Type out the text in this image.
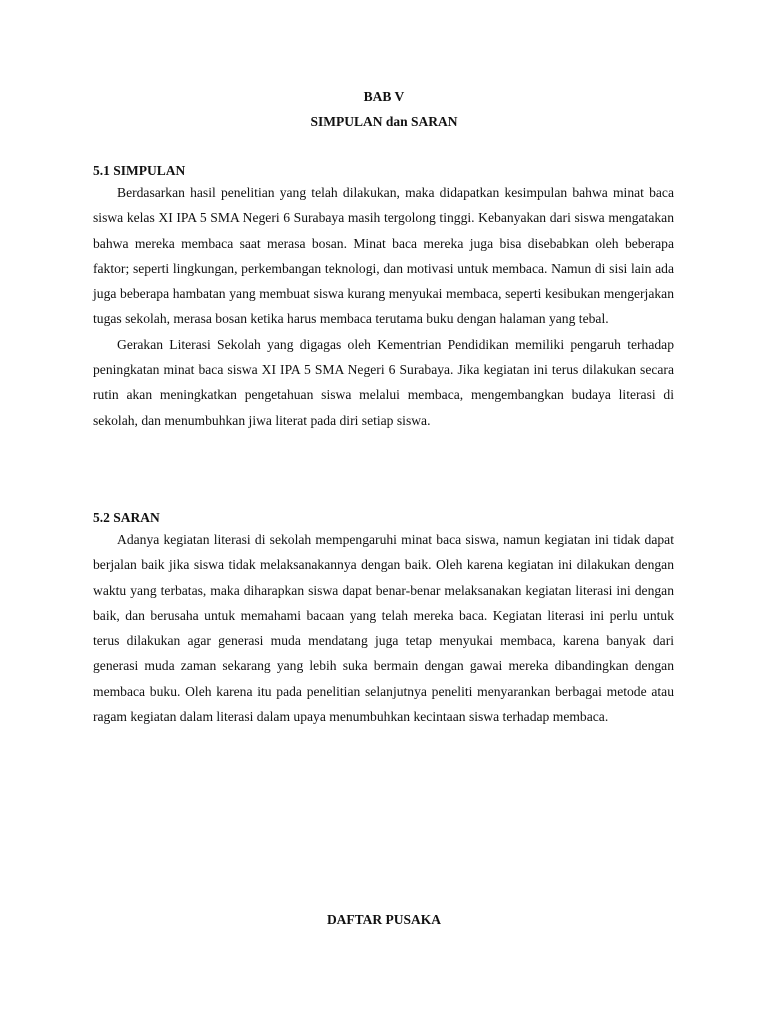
BAB V
SIMPULAN dan SARAN
5.1 SIMPULAN

Berdasarkan hasil penelitian yang telah dilakukan, maka didapatkan kesimpulan bahwa minat baca siswa kelas XI IPA 5 SMA Negeri 6 Surabaya masih tergolong tinggi. Kebanyakan dari siswa mengatakan bahwa mereka membaca saat merasa bosan. Minat baca mereka juga bisa disebabkan oleh beberapa faktor; seperti lingkungan, perkembangan teknologi, dan motivasi untuk membaca. Namun di sisi lain ada juga beberapa hambatan yang membuat siswa kurang menyukai membaca, seperti kesibukan mengerjakan tugas sekolah, merasa bosan ketika harus membaca terutama buku dengan halaman yang tebal.

Gerakan Literasi Sekolah yang digagas oleh Kementrian Pendidikan memiliki pengaruh terhadap peningkatan minat baca siswa XI IPA 5 SMA Negeri 6 Surabaya. Jika kegiatan ini terus dilakukan secara rutin akan meningkatkan pengetahuan siswa melalui membaca, mengembangkan budaya literasi di sekolah, dan menumbuhkan jiwa literat pada diri setiap siswa.

5.2 SARAN

Adanya kegiatan literasi di sekolah mempengaruhi minat baca siswa, namun kegiatan ini tidak dapat berjalan baik jika siswa tidak melaksanakannya dengan baik. Oleh karena kegiatan ini dilakukan dengan waktu yang terbatas, maka diharapkan siswa dapat benar-benar melaksanakan kegiatan literasi ini dengan baik, dan berusaha untuk memahami bacaan yang telah mereka baca. Kegiatan literasi ini perlu untuk terus dilakukan agar generasi muda mendatang juga tetap menyukai membaca, karena banyak dari generasi muda zaman sekarang yang lebih suka bermain dengan gawai mereka dibandingkan dengan membaca buku. Oleh karena itu pada penelitian selanjutnya peneliti menyarankan berbagai metode atau ragam kegiatan dalam literasi dalam upaya menumbuhkan kecintaan siswa terhadap membaca.

DAFTAR PUSAKA
